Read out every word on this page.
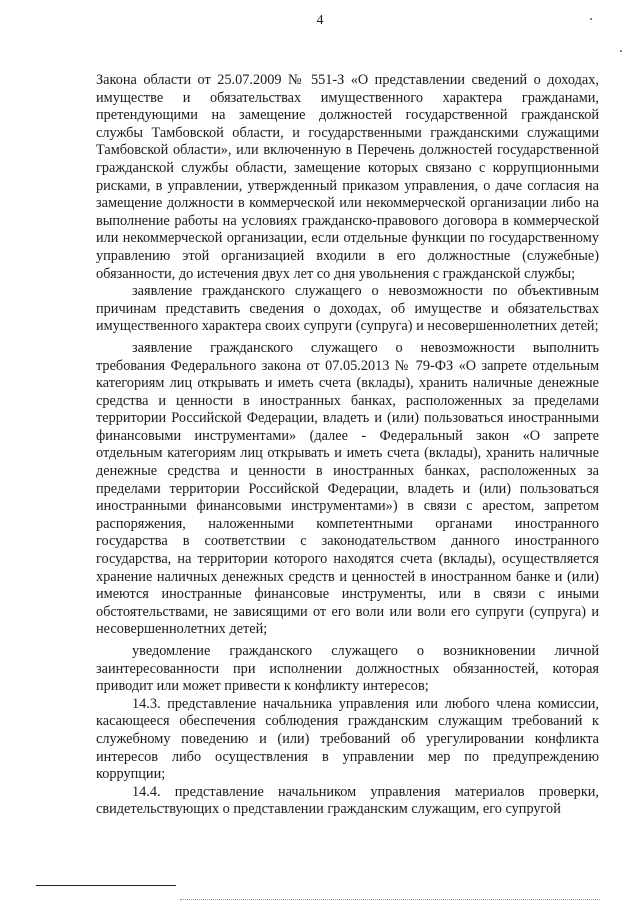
4

Закона области от 25.07.2009 № 551-З «О представлении сведений о доходах, имуществе и обязательствах имущественного характера гражданами, претендующими на замещение должностей государственной гражданской службы Тамбовской области, и государственными гражданскими служащими Тамбовской области», или включенную в Перечень должностей государственной гражданской службы области, замещение которых связано с коррупционными рисками, в управлении, утвержденный приказом управления, о даче согласия на замещение должности в коммерческой или некоммерческой организации либо на выполнение работы на условиях гражданско-правового договора в коммерческой или некоммерческой организации, если отдельные функции по государственному управлению этой организацией входили в его должностные (служебные) обязанности, до истечения двух лет со дня увольнения с гражданской службы;

заявление гражданского служащего о невозможности по объективным причинам представить сведения о доходах, об имуществе и обязательствах имущественного характера своих супруги (супруга) и несовершеннолетних детей;

заявление гражданского служащего о невозможности выполнить требования Федерального закона от 07.05.2013 № 79-ФЗ «О запрете отдельным категориям лиц открывать и иметь счета (вклады), хранить наличные денежные средства и ценности в иностранных банках, расположенных за пределами территории Российской Федерации, владеть и (или) пользоваться иностранными финансовыми инструментами» (далее - Федеральный закон «О запрете отдельным категориям лиц открывать и иметь счета (вклады), хранить наличные денежные средства и ценности в иностранных банках, расположенных за пределами территории Российской Федерации, владеть и (или) пользоваться иностранными финансовыми инструментами») в связи с арестом, запретом распоряжения, наложенными компетентными органами иностранного государства в соответствии с законодательством данного иностранного государства, на территории которого находятся счета (вклады), осуществляется хранение наличных денежных средств и ценностей в иностранном банке и (или) имеются иностранные финансовые инструменты, или в связи с иными обстоятельствами, не зависящими от его воли или воли его супруги (супруга) и несовершеннолетних детей;

уведомление гражданского служащего о возникновении личной заинтересованности при исполнении должностных обязанностей, которая приводит или может привести к конфликту интересов;

14.3. представление начальника управления или любого члена комиссии, касающееся обеспечения соблюдения гражданским служащим требований к служебному поведению и (или) требований об урегулировании конфликта интересов либо осуществления в управлении мер по предупреждению коррупции;

14.4. представление начальником управления материалов проверки, свидетельствующих о представлении гражданским служащим, его супругой
